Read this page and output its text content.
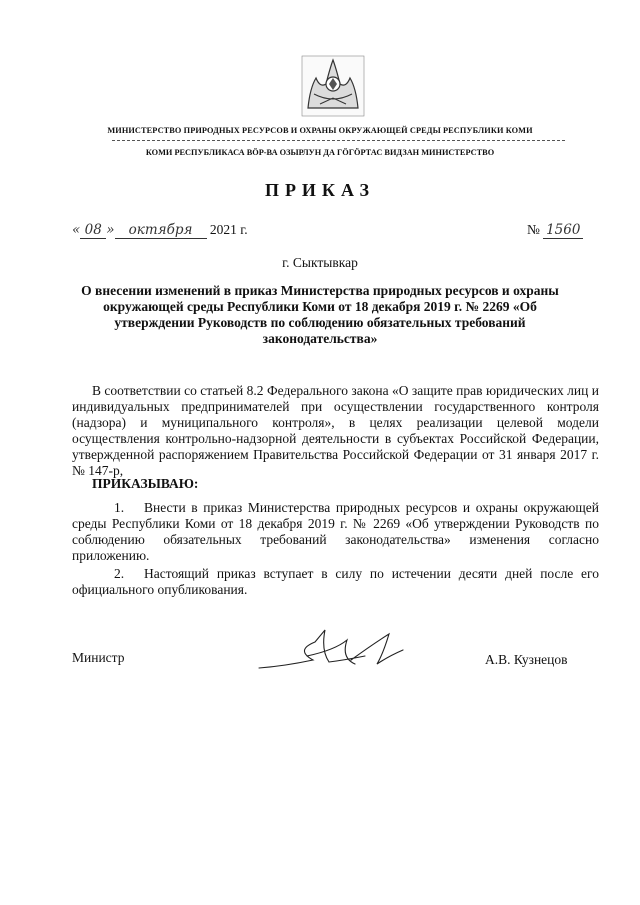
МИНИСТЕРСТВО ПРИРОДНЫХ РЕСУРСОВ И ОХРАНЫ ОКРУЖАЮЩЕЙ СРЕДЫ РЕСПУБЛИКИ КОМИ
КОМИ РЕСПУБЛИКАСА ВӦР-ВА ОЗЫРЛУН ДА ГӦГӦРТАС ВИДЗАН МИНИСТЕРСТВО
ПРИКАЗ
« 08 » октября 2021 г.	№ 1560
г. Сыктывкар
О внесении изменений в приказ Министерства природных ресурсов и охраны окружающей среды Республики Коми от 18 декабря 2019 г. № 2269 «Об утверждении Руководств по соблюдению обязательных требований законодательства»
В соответствии со статьей 8.2 Федерального закона «О защите прав юридических лиц и индивидуальных предпринимателей при осуществлении государственного контроля (надзора) и муниципального контроля», в целях реализации целевой модели осуществления контрольно-надзорной деятельности в субъектах Российской Федерации, утвержденной распоряжением Правительства Российской Федерации от 31 января 2017 г. № 147-р,
ПРИКАЗЫВАЮ:
1. Внести в приказ Министерства природных ресурсов и охраны окружающей среды Республики Коми от 18 декабря 2019 г. № 2269 «Об утверждении Руководств по соблюдению обязательных требований законодательства» изменения согласно приложению.
2. Настоящий приказ вступает в силу по истечении десяти дней после его официального опубликования.
Министр	А.В. Кузнецов
